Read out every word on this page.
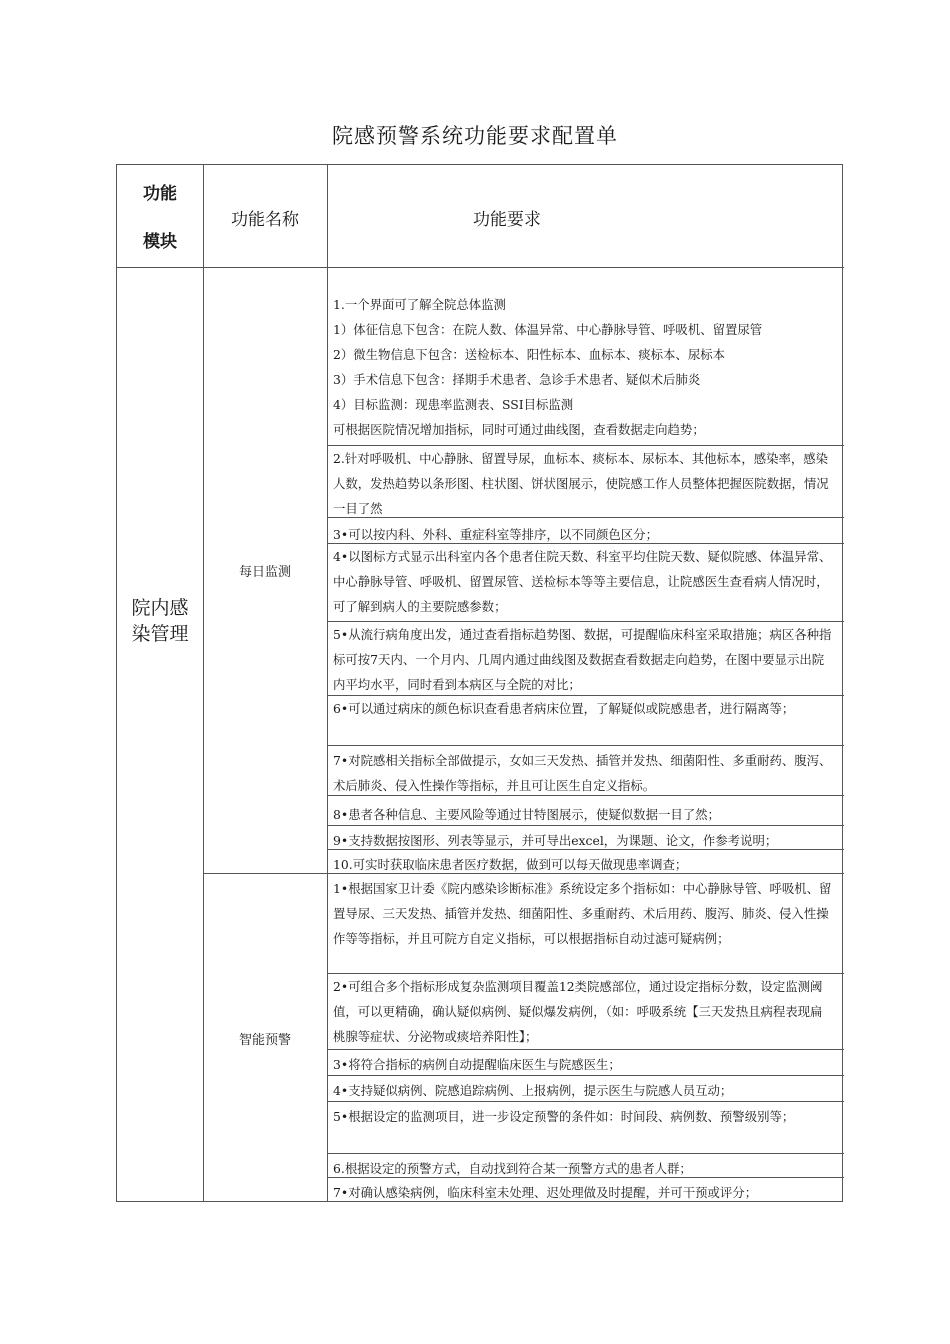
院感预警系统功能要求配置单
功能
模块
功能名称	功能要求
院内感
染管理
每日监测
1.一个界面可了解全院总体监测
1）体征信息下包含：在院人数、体温异常、中心静脉导管、呼吸机、留置尿管
2）微生物信息下包含：送检标本、阳性标本、血标本、痰标本、尿标本
3）手术信息下包含：择期手术患者、急诊手术患者、疑似术后肺炎
4）目标监测：现患率监测表、SSI目标监测
可根据医院情况增加指标，同时可通过曲线图，查看数据走向趋势；
2.针对呼吸机、中心静脉、留置导尿，血标本、痰标本、尿标本、其他标本，感染率，感染人数，发热趋势以条形图、柱状图、饼状图展示，使院感工作人员整体把握医院数据，情况一目了然
3•可以按内科、外科、重症科室等排序，以不同颜色区分；
4•以图标方式显示出科室内各个患者住院天数、科室平均住院天数、疑似院感、体温异常、中心静脉导管、呼吸机、留置尿管、送检标本等等主要信息，让院感医生查看病人情况时，可了解到病人的主要院感参数；
5•从流行病角度出发，通过查看指标趋势图、数据，可提醒临床科室采取措施；病区各种指标可按7天内、一个月内、几周内通过曲线图及数据查看数据走向趋势，在图中要显示出院内平均水平，同时看到本病区与全院的对比；
6•可以通过病床的颜色标识查看患者病床位置，了解疑似或院感患者，进行隔离等；
7•对院感相关指标全部做提示，女如三天发热、插管并发热、细菌阳性、多重耐药、腹泻、术后肺炎、侵入性操作等指标，并且可让医生自定义指标。
8•患者各种信息、主要风险等通过甘特图展示，使疑似数据一目了然；
9•支持数据按图形、列表等显示，并可导出excel，为课题、论文，作参考说明；
10.可实时获取临床患者医疗数据，做到可以每天做现患率调查；
智能预警
1•根据国家卫计委《院内感染诊断标准》系统设定多个指标如：中心静脉导管、呼吸机、留置导尿、三天发热、插管并发热、细菌阳性、多重耐药、术后用药、腹泻、肺炎、侵入性操作等等指标，并且可院方自定义指标，可以根据指标自动过滤可疑病例；
2•可组合多个指标形成复杂监测项目覆盖12类院感部位，通过设定指标分数，设定监测阈值，可以更精确，确认疑似病例、疑似爆发病例，（如：呼吸系统【三天发热且病程表现扁桃腺等症状、分泌物或痰培养阳性】；
3•将符合指标的病例自动提醒临床医生与院感医生；
4•支持疑似病例、院感追踪病例、上报病例，提示医生与院感人员互动；
5•根据设定的监测项目，进一步设定预警的条件如：时间段、病例数、预警级别等；
6.根据设定的预警方式，自动找到符合某一预警方式的患者人群；
7•对确认感染病例，临床科室未处理、迟处理做及时提醒，并可干预或评分；
